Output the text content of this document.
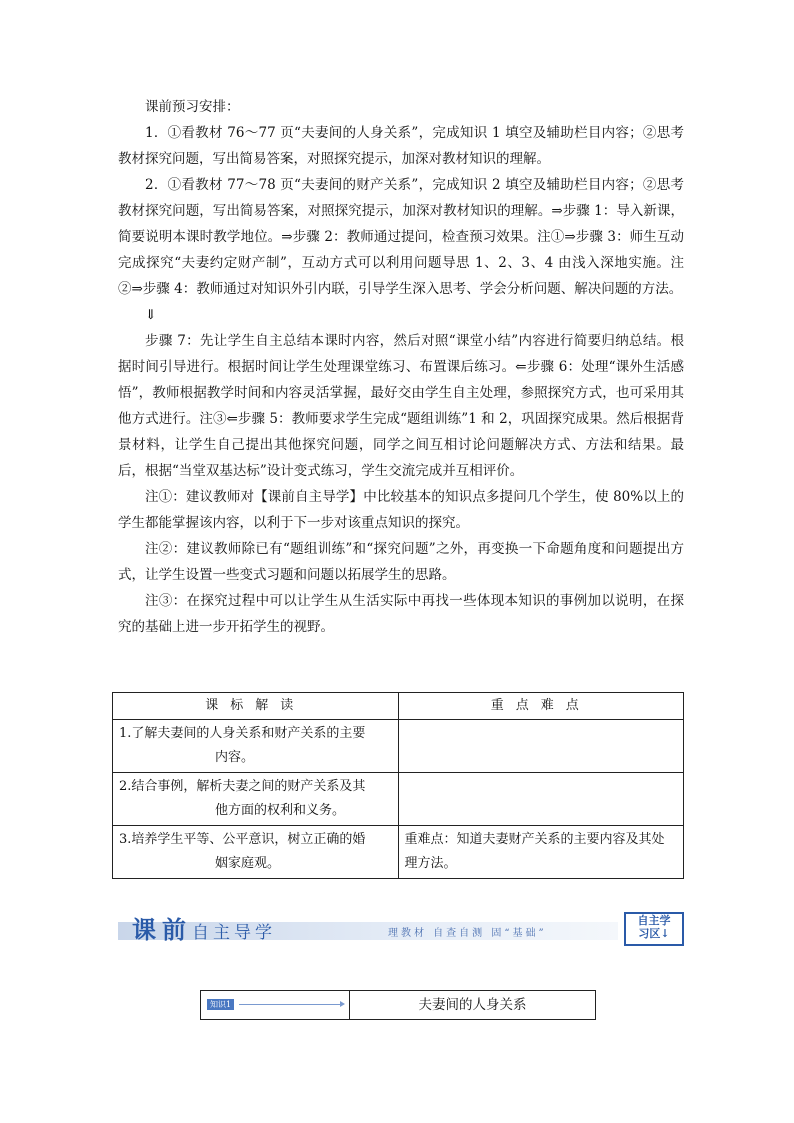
课前预习安排：

1．①看教材 76～77 页“夫妻间的人身关系”，完成知识 1 填空及辅助栏目内容；②思考教材探究问题，写出简易答案，对照探究提示，加深对教材知识的理解。

2．①看教材 77～78 页“夫妻间的财产关系”，完成知识 2 填空及辅助栏目内容；②思考教材探究问题，写出简易答案，对照探究提示，加深对教材知识的理解。⇒步骤 1：导入新课，简要说明本课时教学地位。⇒步骤 2：教师通过提问，检查预习效果。注①⇒步骤 3：师生互动完成探究“夫妻约定财产制”，互动方式可以利用问题导思 1、2、3、4 由浅入深地实施。注②⇒步骤 4：教师通过对知识外引内联，引导学生深入思考、学会分析问题、解决问题的方法。

⇓

步骤 7：先让学生自主总结本课时内容，然后对照“课堂小结”内容进行简要归纳总结。根据时间引导进行。根据时间让学生处理课堂练习、布置课后练习。⇐步骤 6：处理“课外生活感悟”，教师根据教学时间和内容灵活掌握，最好交由学生自主处理，参照探究方式，也可采用其他方式进行。注③⇐步骤 5：教师要求学生完成“题组训练”1 和 2，巩固探究成果。然后根据背景材料，让学生自己提出其他探究问题，同学之间互相讨论问题解决方式、方法和结果。最后，根据“当堂双基达标”设计变式练习，学生交流完成并互相评价。

注①：建议教师对【课前自主导学】中比较基本的知识点多提问几个学生，使 80%以上的学生都能掌握该内容，以利于下一步对该重点知识的探究。

注②：建议教师除已有“题组训练”和“探究问题”之外，再变换一下命题角度和问题提出方式，让学生设置一些变式习题和问题以拓展学生的思路。

注③：在探究过程中可以让学生从生活实际中再找一些体现本知识的事例加以说明，在探究的基础上进一步开拓学生的视野。

课标解读	重点难点

1.了解夫妻间的人身关系和财产关系的主要
内容。	

2.结合事例，解析夫妻之间的财产关系及其
他方面的权利和义务。	

3.培养学生平等、公平意识，树立正确的婚
姻家庭观。	重难点：知道夫妻财产关系的主要内容及其处理方法。
课前自主导学	理教材 自查自测 固“基础”
自主学
习区↓
知识1	夫妻间的人身关系
